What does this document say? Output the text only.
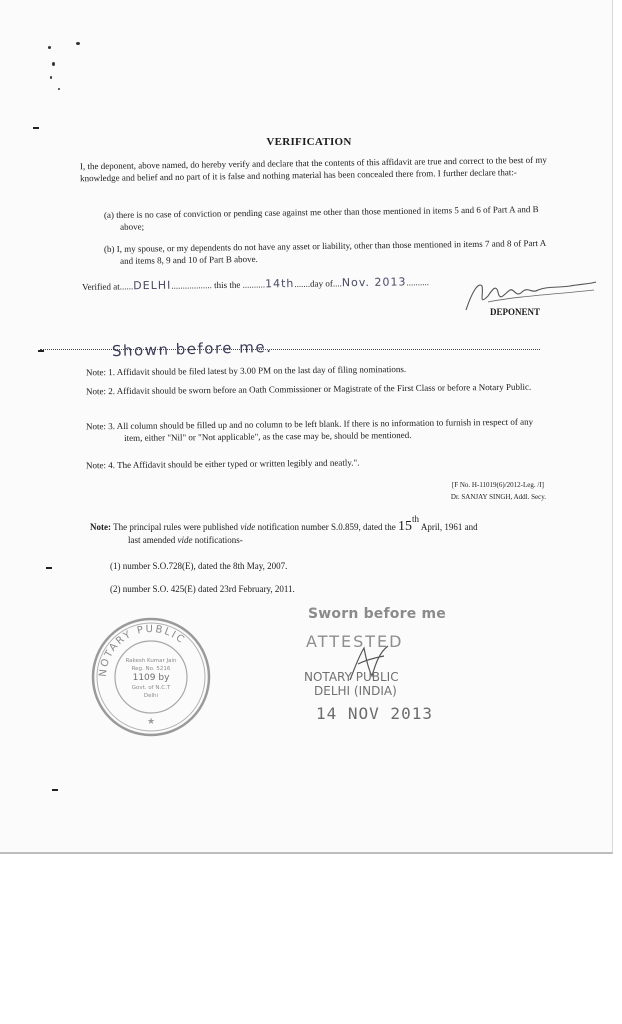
VERIFICATION
I, the deponent, above named, do hereby verify and declare that the contents of this affidavit are true and correct to the best of my knowledge and belief and no part of it is false and nothing material has been concealed there from. I further declare that:-
(a) there is no case of conviction or pending case against me other than those mentioned in items 5 and 6 of Part A and B above;
(b) I, my spouse, or my dependents do not have any asset or liability, other than those mentioned in items 7 and 8 of Part A and items 8, 9 and 10 of Part B above.
Verified at......DELHI.................. this the ..........14th.......day of....Nov. 2013..........
DEPONENT
Shown before me.
Note: 1. Affidavit should be filed latest by 3.00 PM on the last day of filing nominations.
Note: 2. Affidavit should be sworn before an Oath Commissioner or Magistrate of the First Class or before a Notary Public.
Note: 3. All column should be filled up and no column to be left blank. If there is no information to furnish in respect of any item, either "Nil" or "Not applicable", as the case may be, should be mentioned.
Note: 4. The Affidavit should be either typed or written legibly and neatly.".
[F No. H-11019(6)/2012-Leg. /I]
Dr. SANJAY SINGH, Addl. Secy.
Note: The principal rules were published vide notification number S.0.859, dated the 15th April, 1961 and
last amended vide notifications-
(1) number S.O.728(E), dated the 8th May, 2007.
(2) number S.O. 425(E) dated 23rd February, 2011.
NOTARY PUBLIC
Rakesh Kumar Jain
Reg. No. 5216
1109 by
Govt. of N.C.T
Delhi
★
Sworn before me
ATTESTED
NOTARY PUBLIC
DELHI (INDIA)
14 NOV 2013
